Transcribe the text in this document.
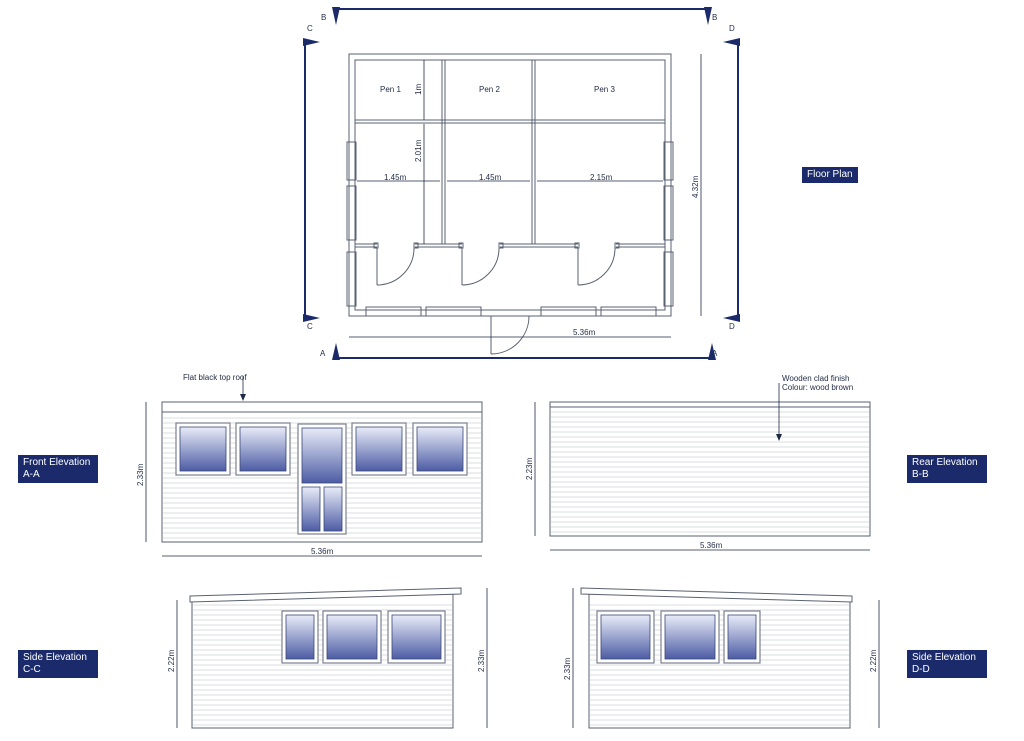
B	B
A	A
C
C
D
D
Pen 1	Pen 2	Pen 3
1m
2.01m
1.45m	1.45m	2.15m	4.32m
5.36m
Flat black top roof
2.33m
5.36m
Wooden clad finish
Colour: wood brown
2.23m
5.36m
2.22m	2.33m	2.33m	2.22m
Floor Plan
Front Elevation
A-A
Rear Elevation
B-B
Side Elevation
C-C
Side Elevation
D-D
